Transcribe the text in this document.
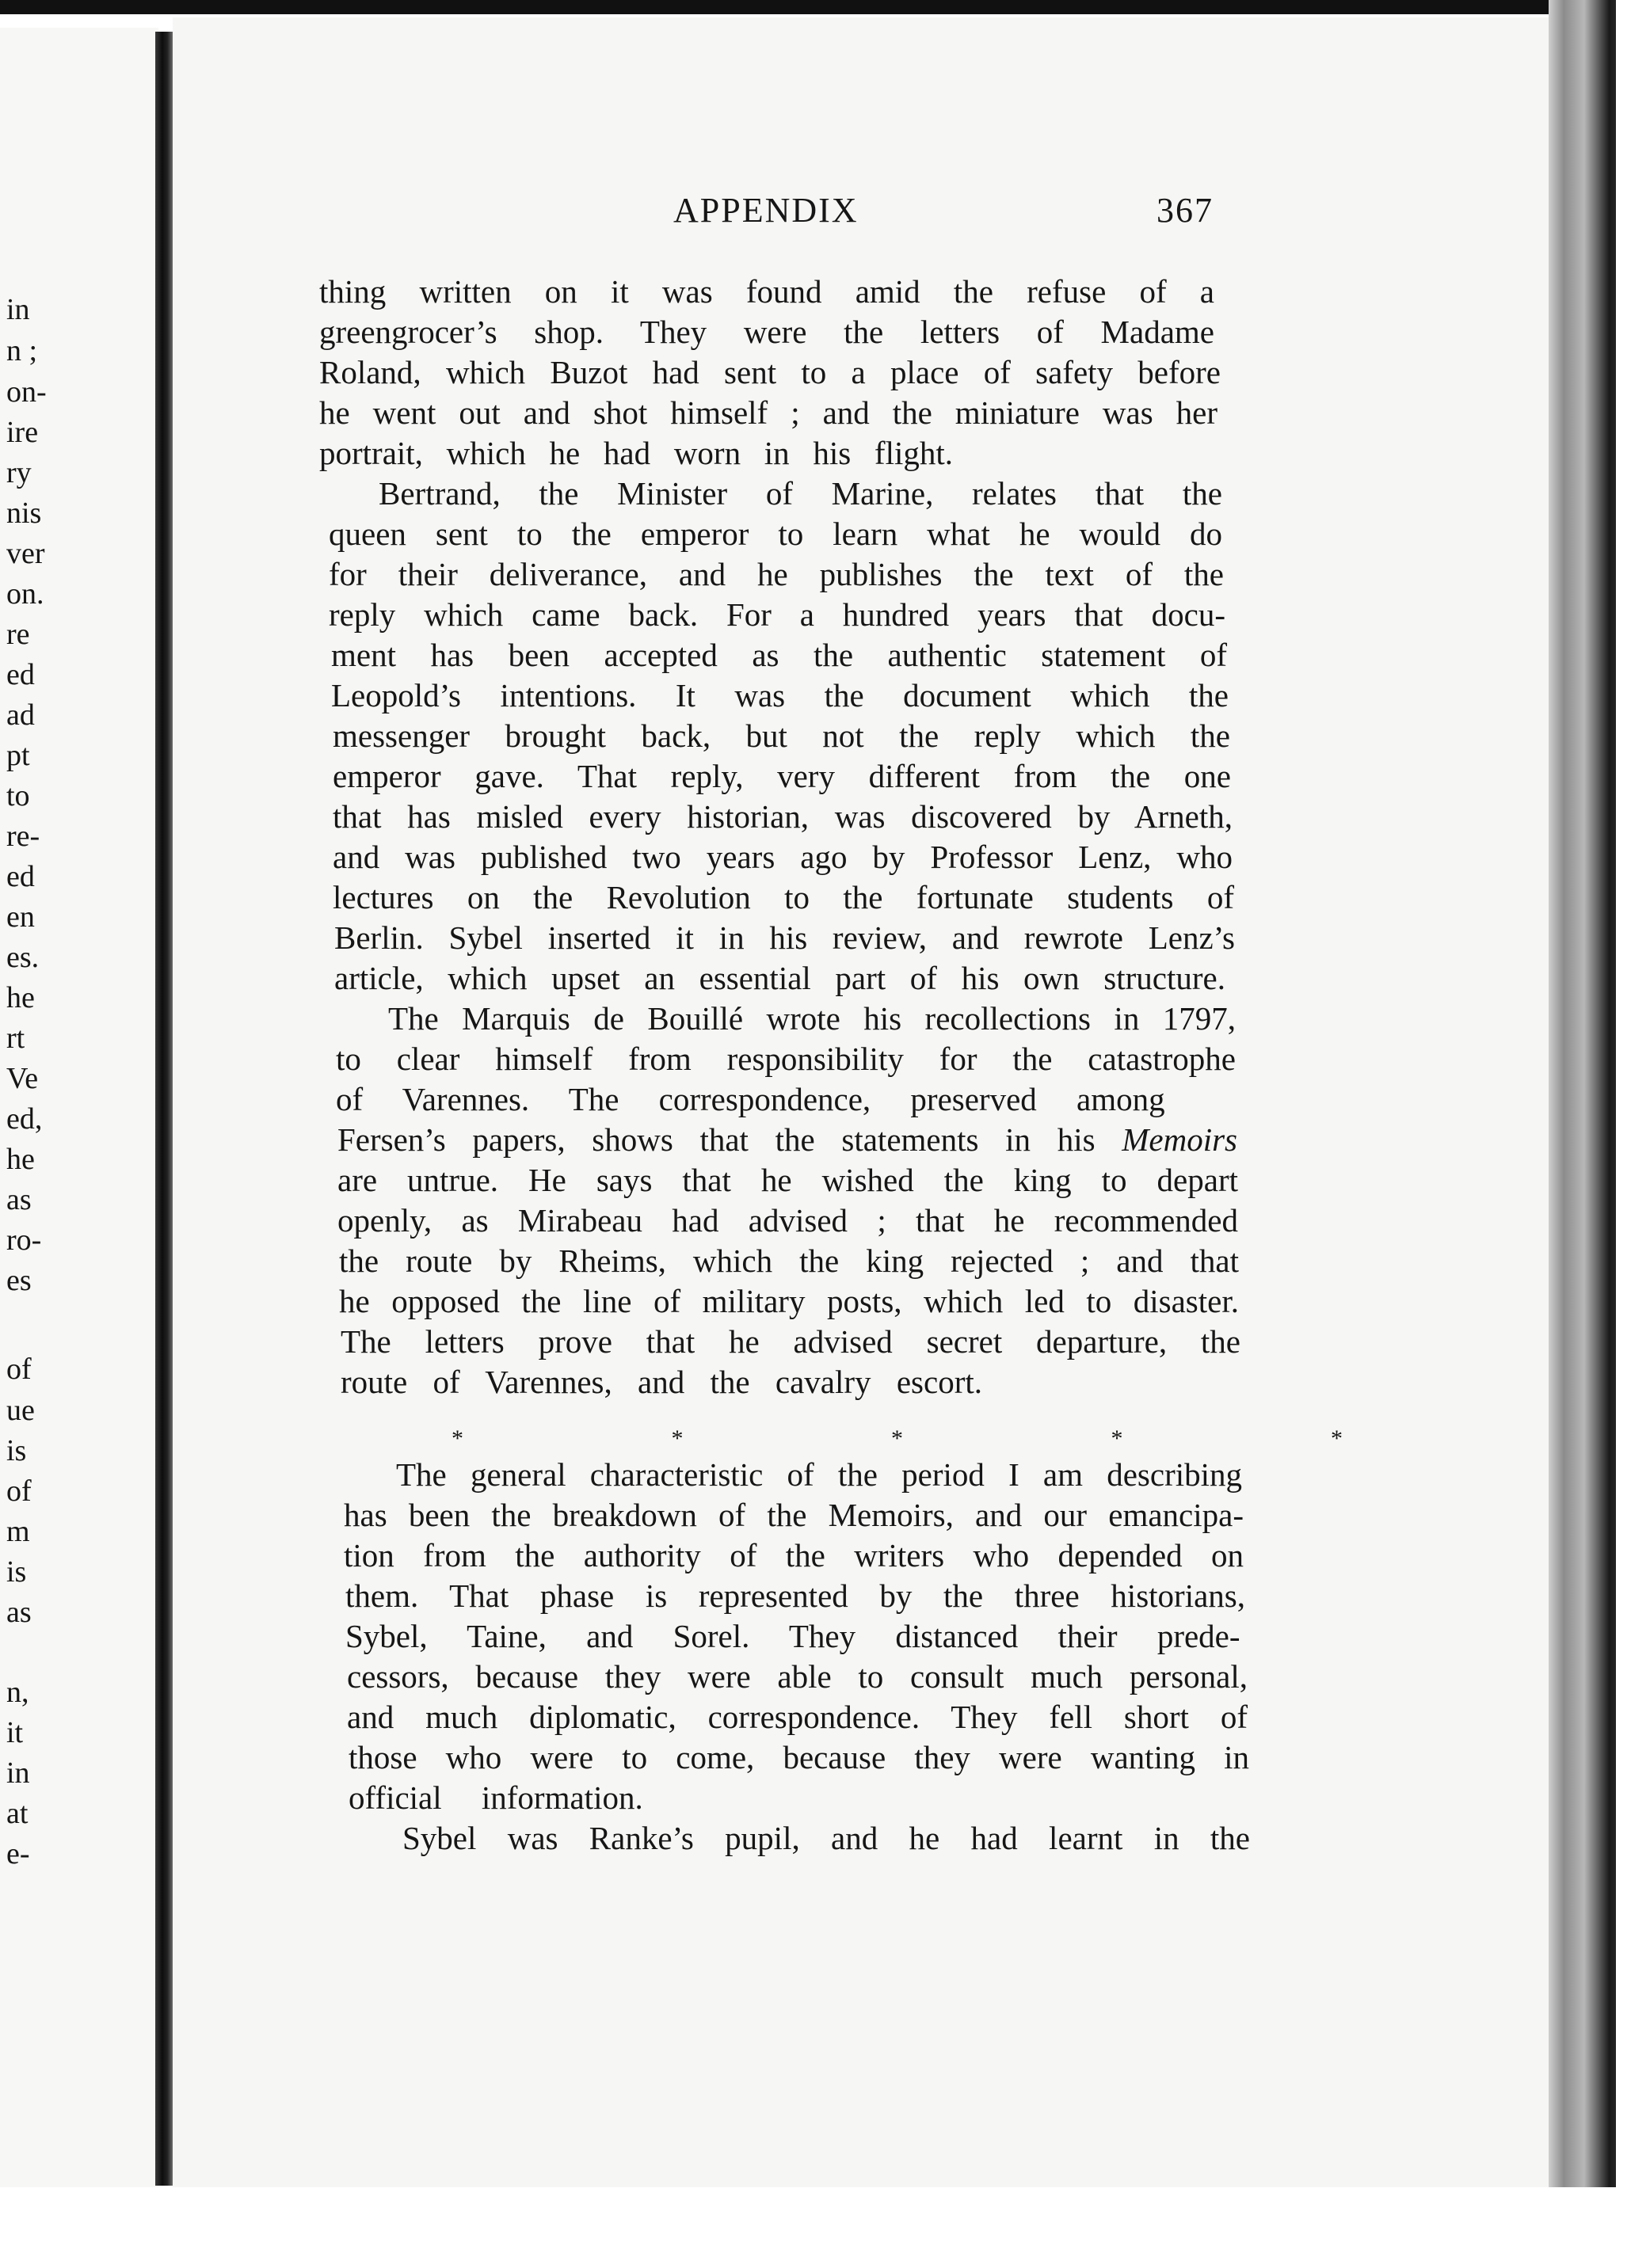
APPENDIX	367
in
n ;
on-
ire
ry
nis
ver
on.
re
ed
ad
pt
to
re-
ed
en
es.
he
rt
Ve
ed,
he
as
ro-
es
of
ue
is
of
m
is
as
n,
it
in
at
e-
thing written on it was found amid the refuse of a
greengrocer’s shop. They were the letters of Madame
Roland, which Buzot had sent to a place of safety before
he went out and shot himself ; and the miniature was her
portrait, which he had worn in his flight.
Bertrand, the Minister of Marine, relates that the
queen sent to the emperor to learn what he would do
for their deliverance, and he publishes the text of the
reply which came back. For a hundred years that docu-
ment has been accepted as the authentic statement of
Leopold’s intentions. It was the document which the
messenger brought back, but not the reply which the
emperor gave. That reply, very different from the one
that has misled every historian, was discovered by Arneth,
and was published two years ago by Professor Lenz, who
lectures on the Revolution to the fortunate students of
Berlin. Sybel inserted it in his review, and rewrote Lenz’s
article, which upset an essential part of his own structure.
The Marquis de Bouillé wrote his recollections in 1797,
to clear himself from responsibility for the catastrophe
of Varennes. The correspondence, preserved among
Fersen’s papers, shows that the statements in his Memoirs
are untrue. He says that he wished the king to depart
openly, as Mirabeau had advised ; that he recommended
the route by Rheims, which the king rejected ; and that
he opposed the line of military posts, which led to disaster.
The letters prove that he advised secret departure, the
route of Varennes, and the cavalry escort.
*   *   *   *   *
The general characteristic of the period I am describing
has been the breakdown of the Memoirs, and our emancipa-
tion from the authority of the writers who depended on
them. That phase is represented by the three historians,
Sybel, Taine, and Sorel. They distanced their prede-
cessors, because they were able to consult much personal,
and much diplomatic, correspondence. They fell short of
those who were to come, because they were wanting in
official information.
Sybel was Ranke’s pupil, and he had learnt in the
